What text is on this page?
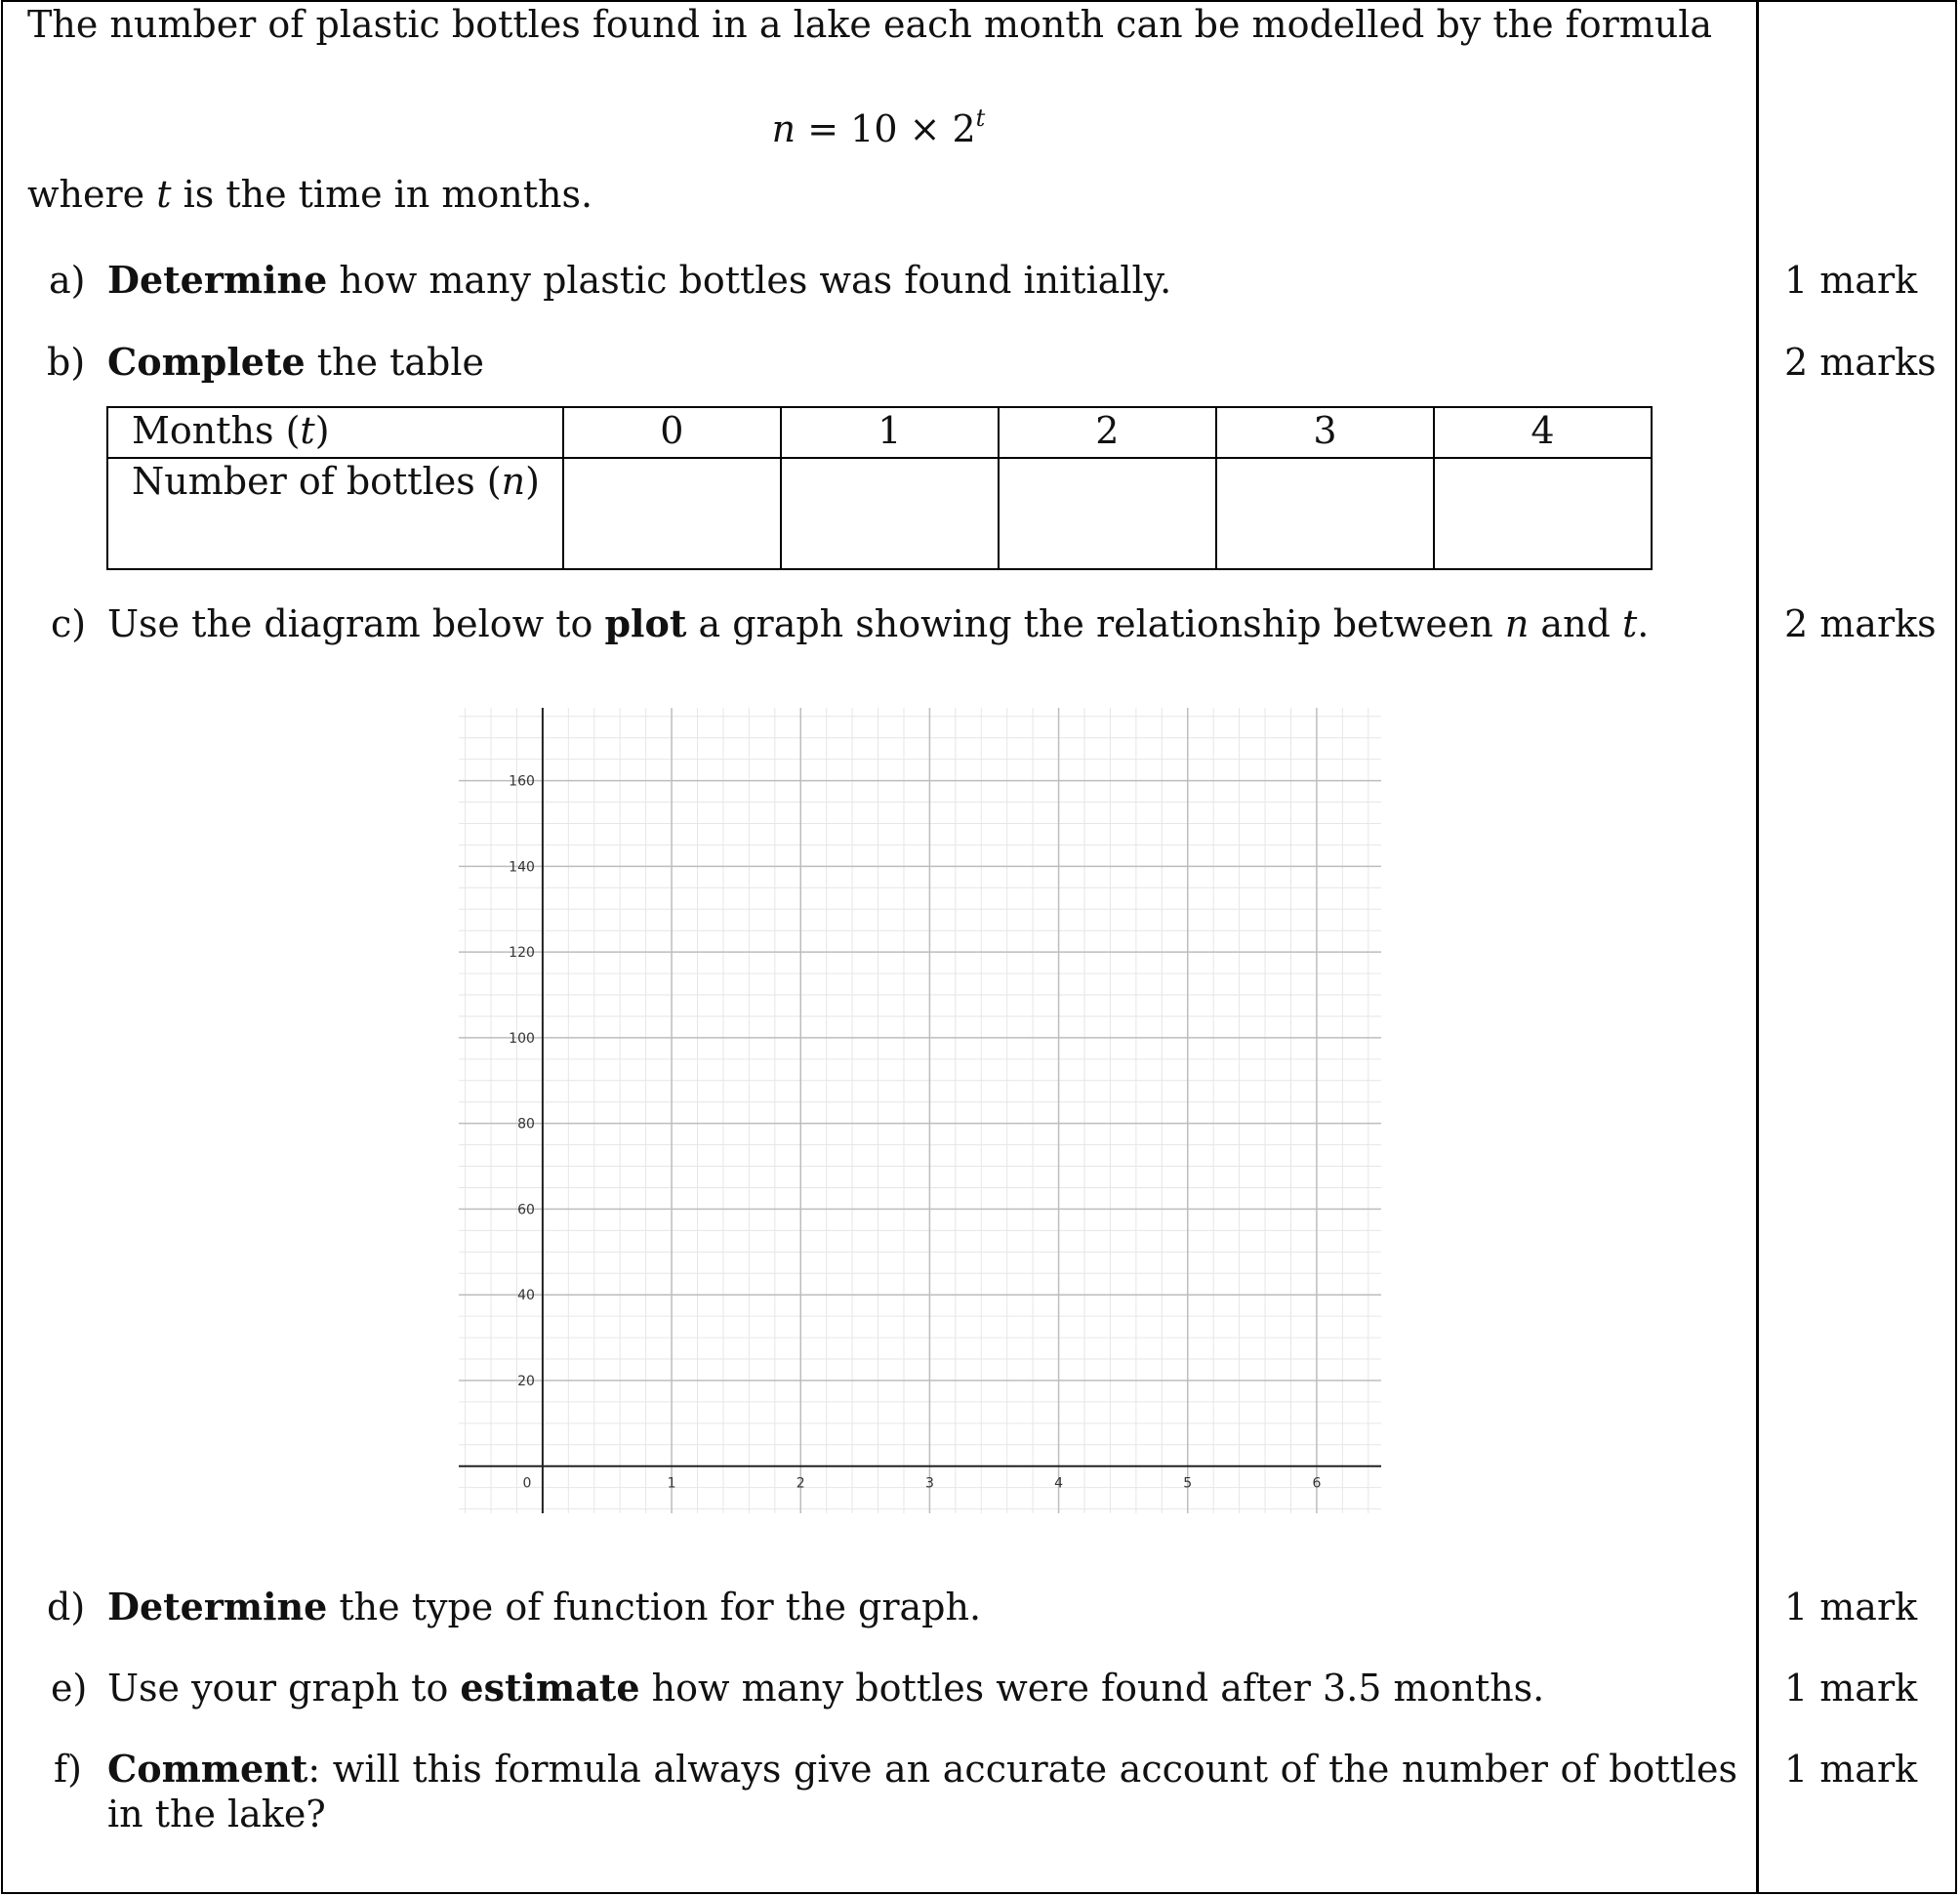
The number of plastic bottles found in a lake each month can be modelled by the formula
$n = 10 \times 2^t$
where t is the time in months.
a) Determine how many plastic bottles was found initially.	1 mark
b) Complete the table	2 marks
Months (t)	0	1	2	3	4
Number of bottles (n)					
c) Use the diagram below to plot a graph showing the relationship between n and t.	2 marks
0	1	2	3	4	5	6
20
40
60
80
100
120
140
160
d) Determine the type of function for the graph.	1 mark
e) Use your graph to estimate how many bottles were found after 3.5 months.	1 mark
f) Comment: will this formula always give an accurate account of the number of bottles in the lake?
1 mark
